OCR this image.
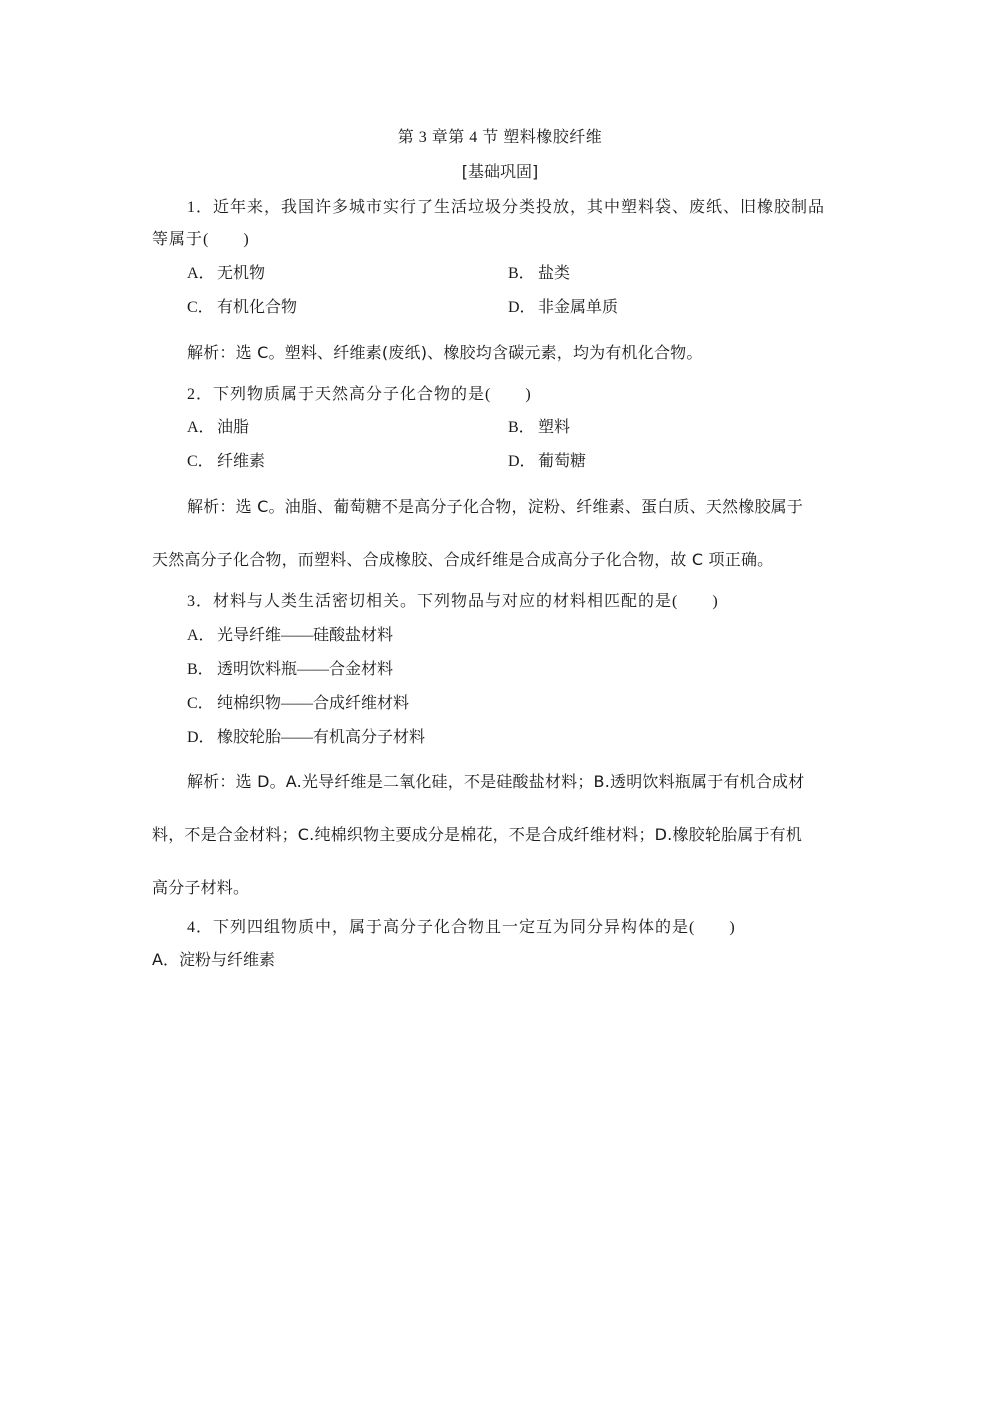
第 3 章第 4 节 塑料橡胶纤维
[基础巩固]
1．近年来，我国许多城市实行了生活垃圾分类投放，其中塑料袋、废纸、旧橡胶制品
等属于(　　)
A． 无机物	B． 盐类
C． 有机化合物	D． 非金属单质
解析：选 C。塑料、纤维素(废纸)、橡胶均含碳元素，均为有机化合物。
2．下列物质属于天然高分子化合物的是(　　)
A． 油脂	B． 塑料
C． 纤维素	D． 葡萄糖
解析：选 C。油脂、葡萄糖不是高分子化合物，淀粉、纤维素、蛋白质、天然橡胶属于
天然高分子化合物，而塑料、合成橡胶、合成纤维是合成高分子化合物，故 C 项正确。
3．材料与人类生活密切相关。下列物品与对应的材料相匹配的是(　　)
A． 光导纤维——硅酸盐材料
B． 透明饮料瓶——合金材料
C． 纯棉织物——合成纤维材料
D． 橡胶轮胎——有机高分子材料
解析：选 D。A.光导纤维是二氧化硅，不是硅酸盐材料；B.透明饮料瓶属于有机合成材
料，不是合金材料；C.纯棉织物主要成分是棉花，不是合成纤维材料；D.橡胶轮胎属于有机
高分子材料。
4．下列四组物质中，属于高分子化合物且一定互为同分异构体的是(　　)
A．淀粉与纤维素
